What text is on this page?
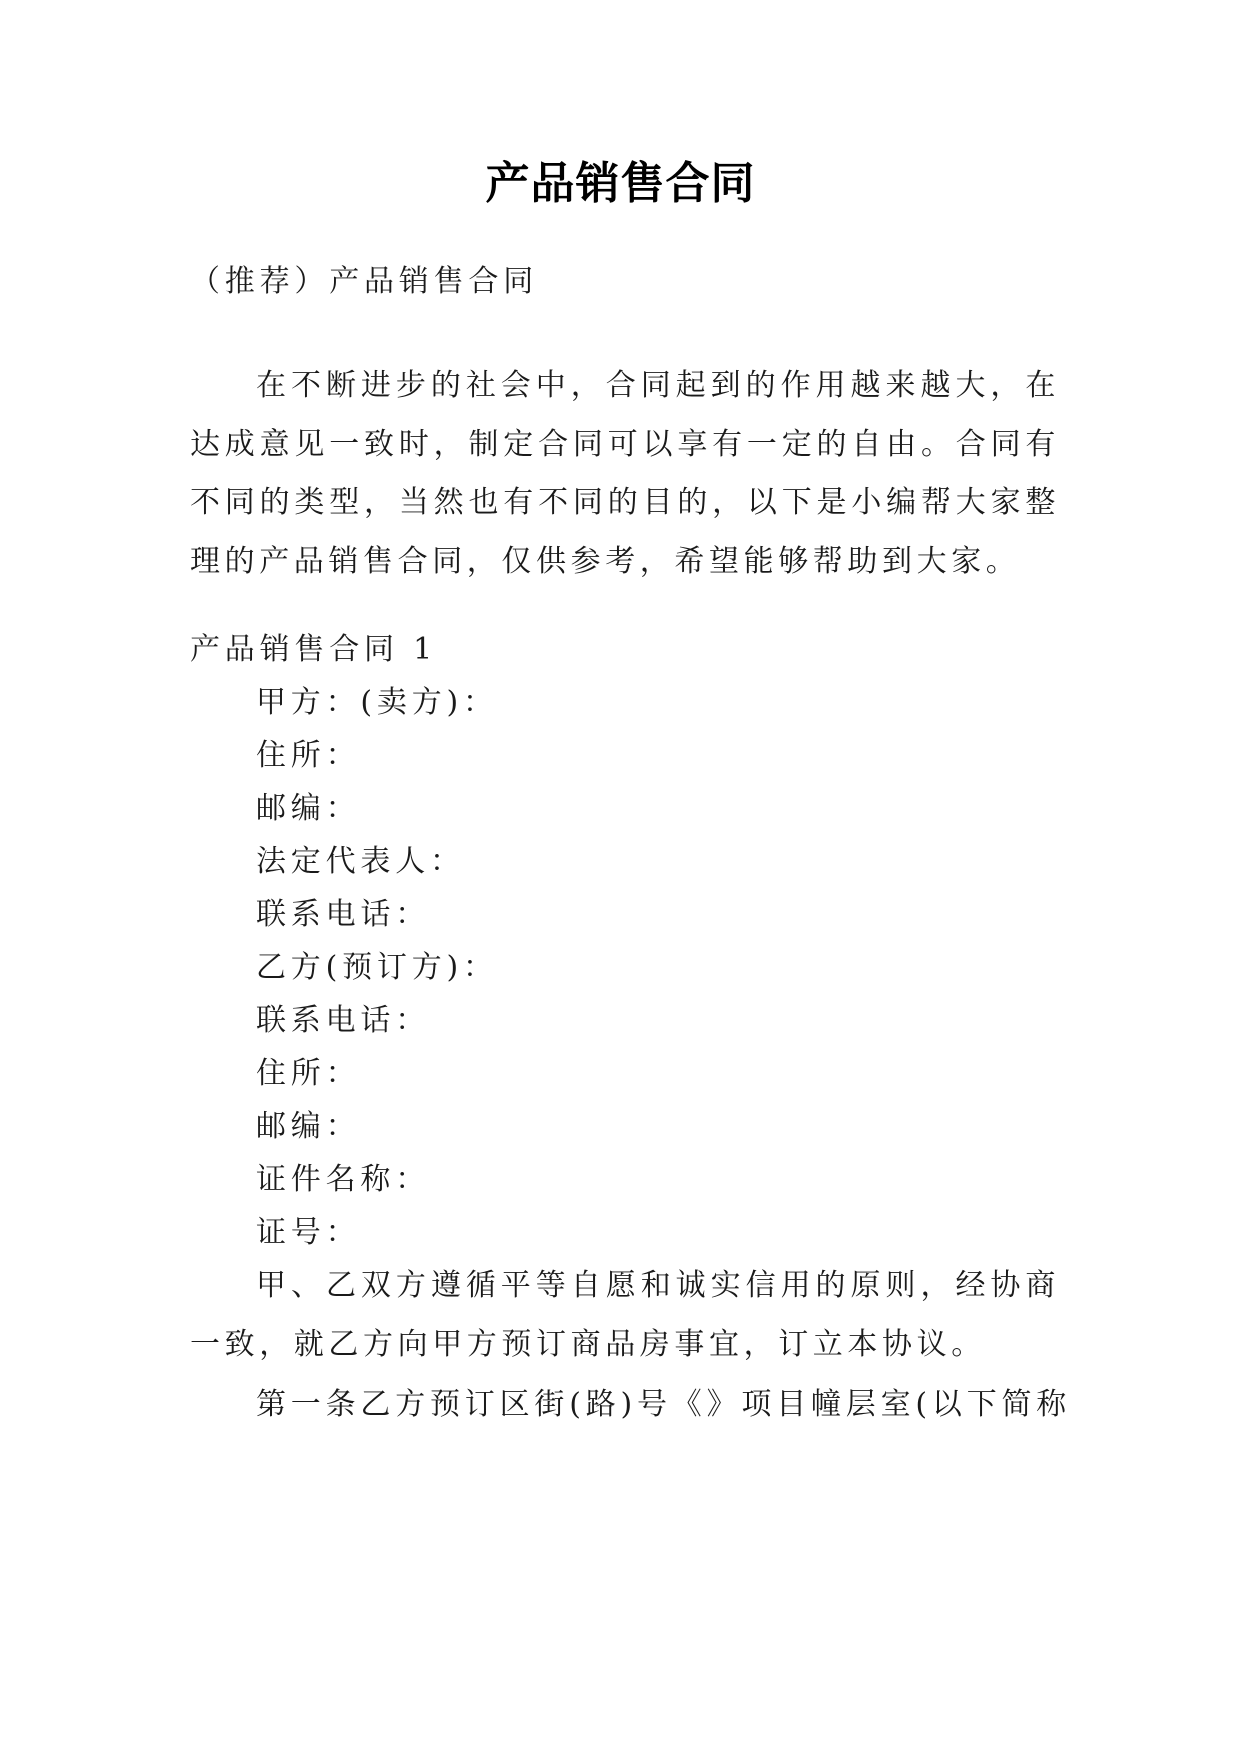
产品销售合同
（推荐）产品销售合同
在不断进步的社会中，合同起到的作用越来越大，在达成意见一致时，制定合同可以享有一定的自由。合同有不同的类型，当然也有不同的目的，以下是小编帮大家整理的产品销售合同，仅供参考，希望能够帮助到大家。
产品销售合同 1
甲方：(卖方)：
住所：
邮编：
法定代表人：
联系电话：
乙方(预订方)：
联系电话：
住所：
邮编：
证件名称：
证号：
甲、乙双方遵循平等自愿和诚实信用的原则，经协商一致，就乙方向甲方预订商品房事宜，订立本协议。
第一条乙方预订区街(路)号《》项目幢层室(以下简称
